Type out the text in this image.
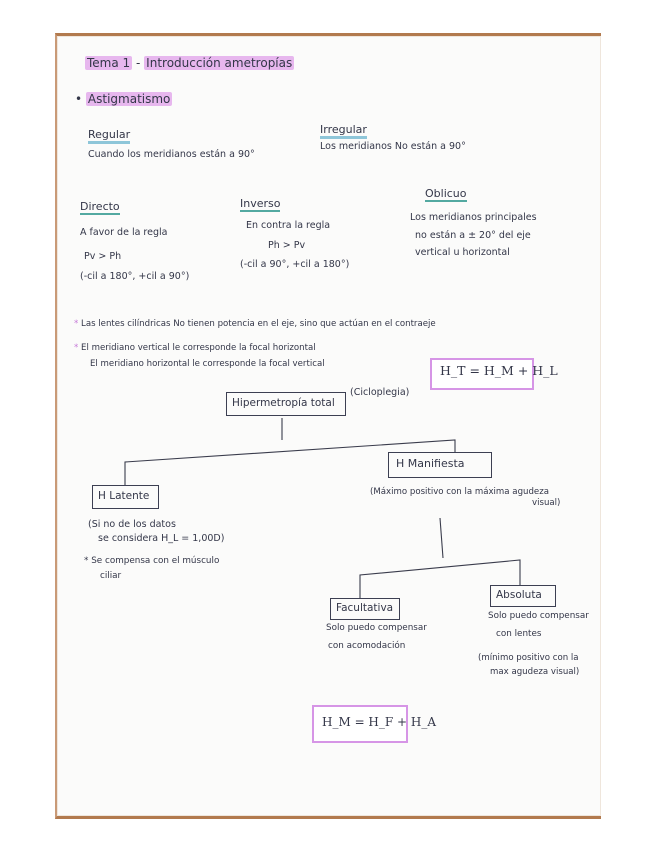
Tema 1 - Introducción ametropías
• Astigmatismo
Regular
Cuando los meridianos están a 90°
Irregular
Los meridianos No están a 90°
Directo
A favor de la regla
Pv > Ph
(-cil a 180°, +cil a 90°)
Inverso
En contra la regla
Ph > Pv
(-cil a 90°, +cil a 180°)
Oblicuo
Los meridianos principales
no están a ± 20° del eje
vertical u horizontal
* Las lentes cilíndricas No tienen potencia en el eje, sino que actúan en el contraeje
* El meridiano vertical le corresponde la focal horizontal
El meridiano horizontal le corresponde la focal vertical	H_T = H_M + H_L
Hipermetropía total
(Cicloplegia)
H Latente
(Si no de los datos
se considera H_L = 1,00D)
* Se compensa con el músculo
ciliar
H Manifiesta
(Máximo positivo con la máxima agudeza
visual)
Facultativa
Solo puedo compensar
con acomodación
Absoluta
Solo puedo compensar
con lentes
(mínimo positivo con la
max agudeza visual)
H_M = H_F + H_A
